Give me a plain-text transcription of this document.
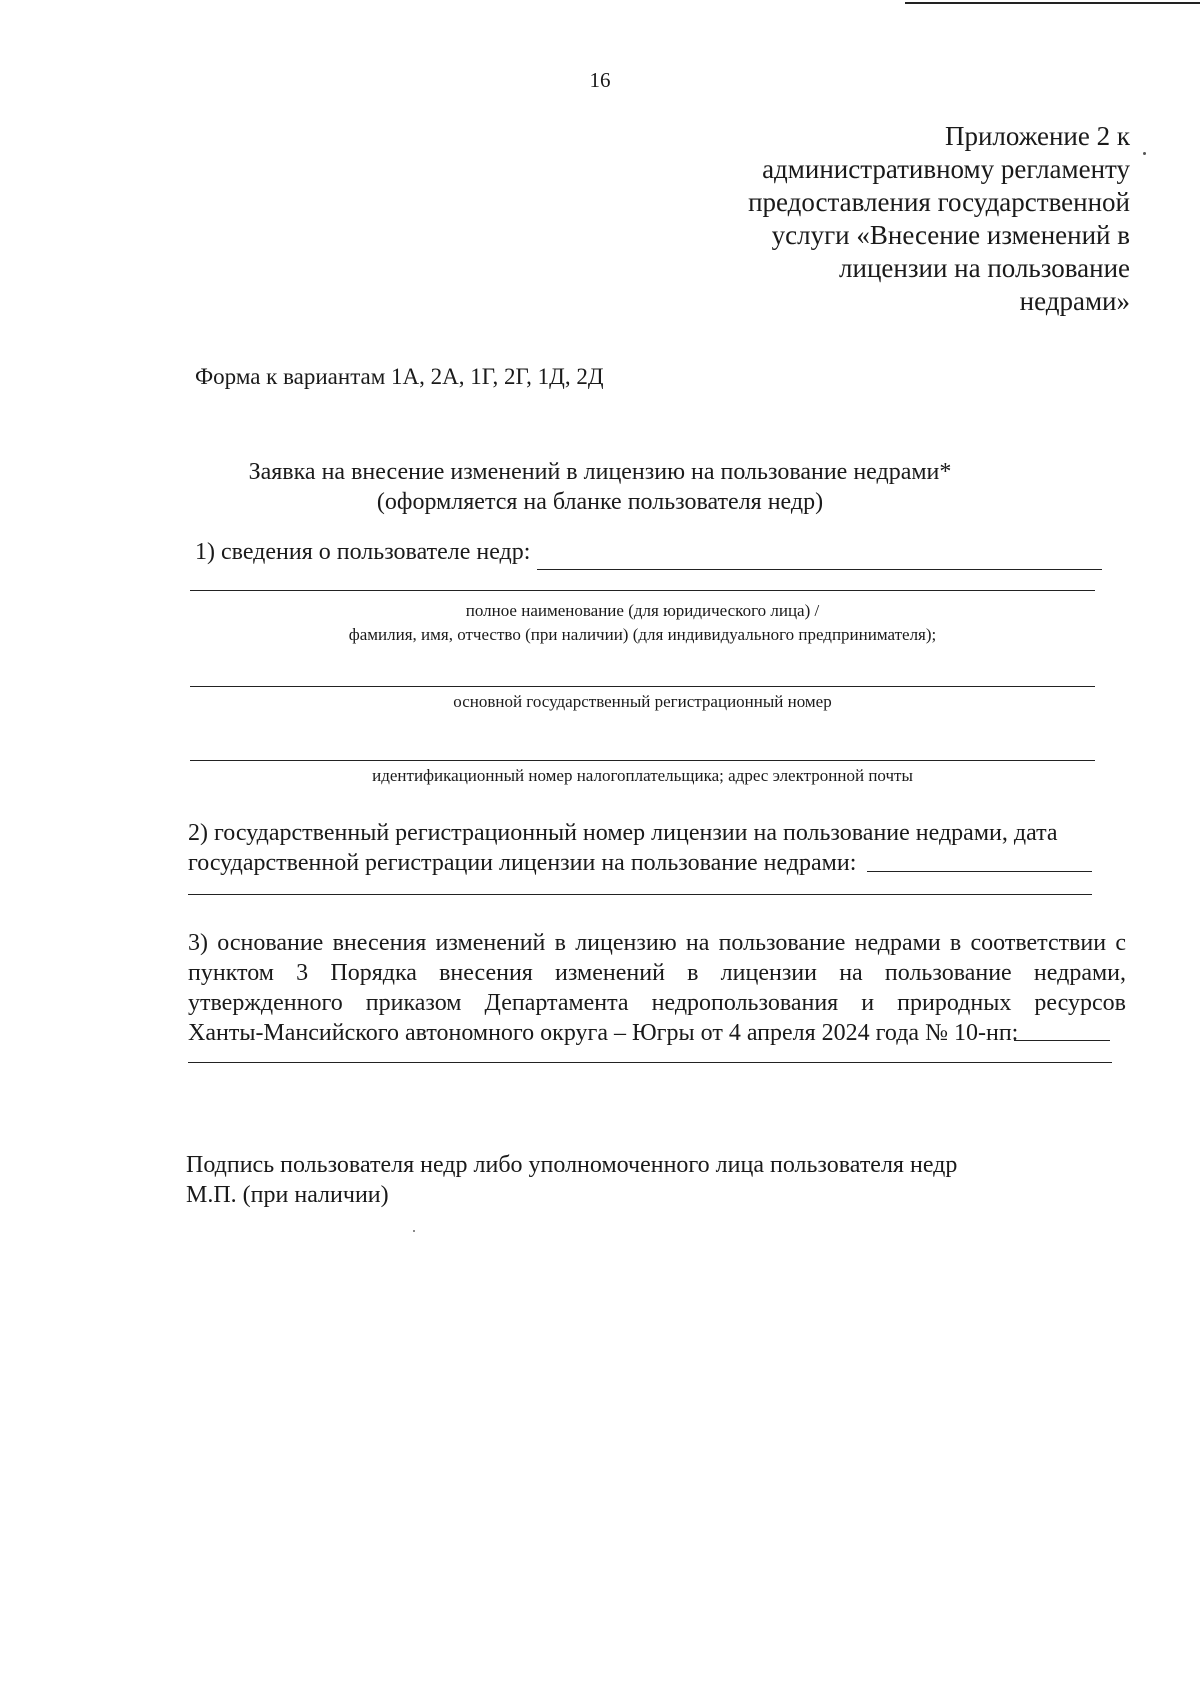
16
Приложение 2 к
административному регламенту
предоставления государственной
услуги «Внесение изменений в
лицензии на пользование
недрами»
Форма к вариантам 1А, 2А, 1Г, 2Г, 1Д, 2Д
Заявка на внесение изменений в лицензию на пользование недрами*
(оформляется на бланке пользователя недр)
1) сведения о пользователе недр:
полное наименование (для юридического лица) /
фамилия, имя, отчество (при наличии) (для индивидуального предпринимателя);
основной государственный регистрационный номер
идентификационный номер налогоплательщика; адрес электронной почты
2) государственный регистрационный номер лицензии на пользование недрами, дата
государственной регистрации лицензии на пользование недрами:
3) основание внесения изменений в лицензию на пользование недрами в соответствии с
пунктом 3 Порядка внесения изменений в лицензии на пользование недрами,
утвержденного приказом Департамента недропользования и природных ресурсов
Ханты-Мансийского автономного округа – Югры от 4 апреля 2024 года № 10-нп:
Подпись пользователя недр либо уполномоченного лица пользователя недр
М.П. (при наличии)
